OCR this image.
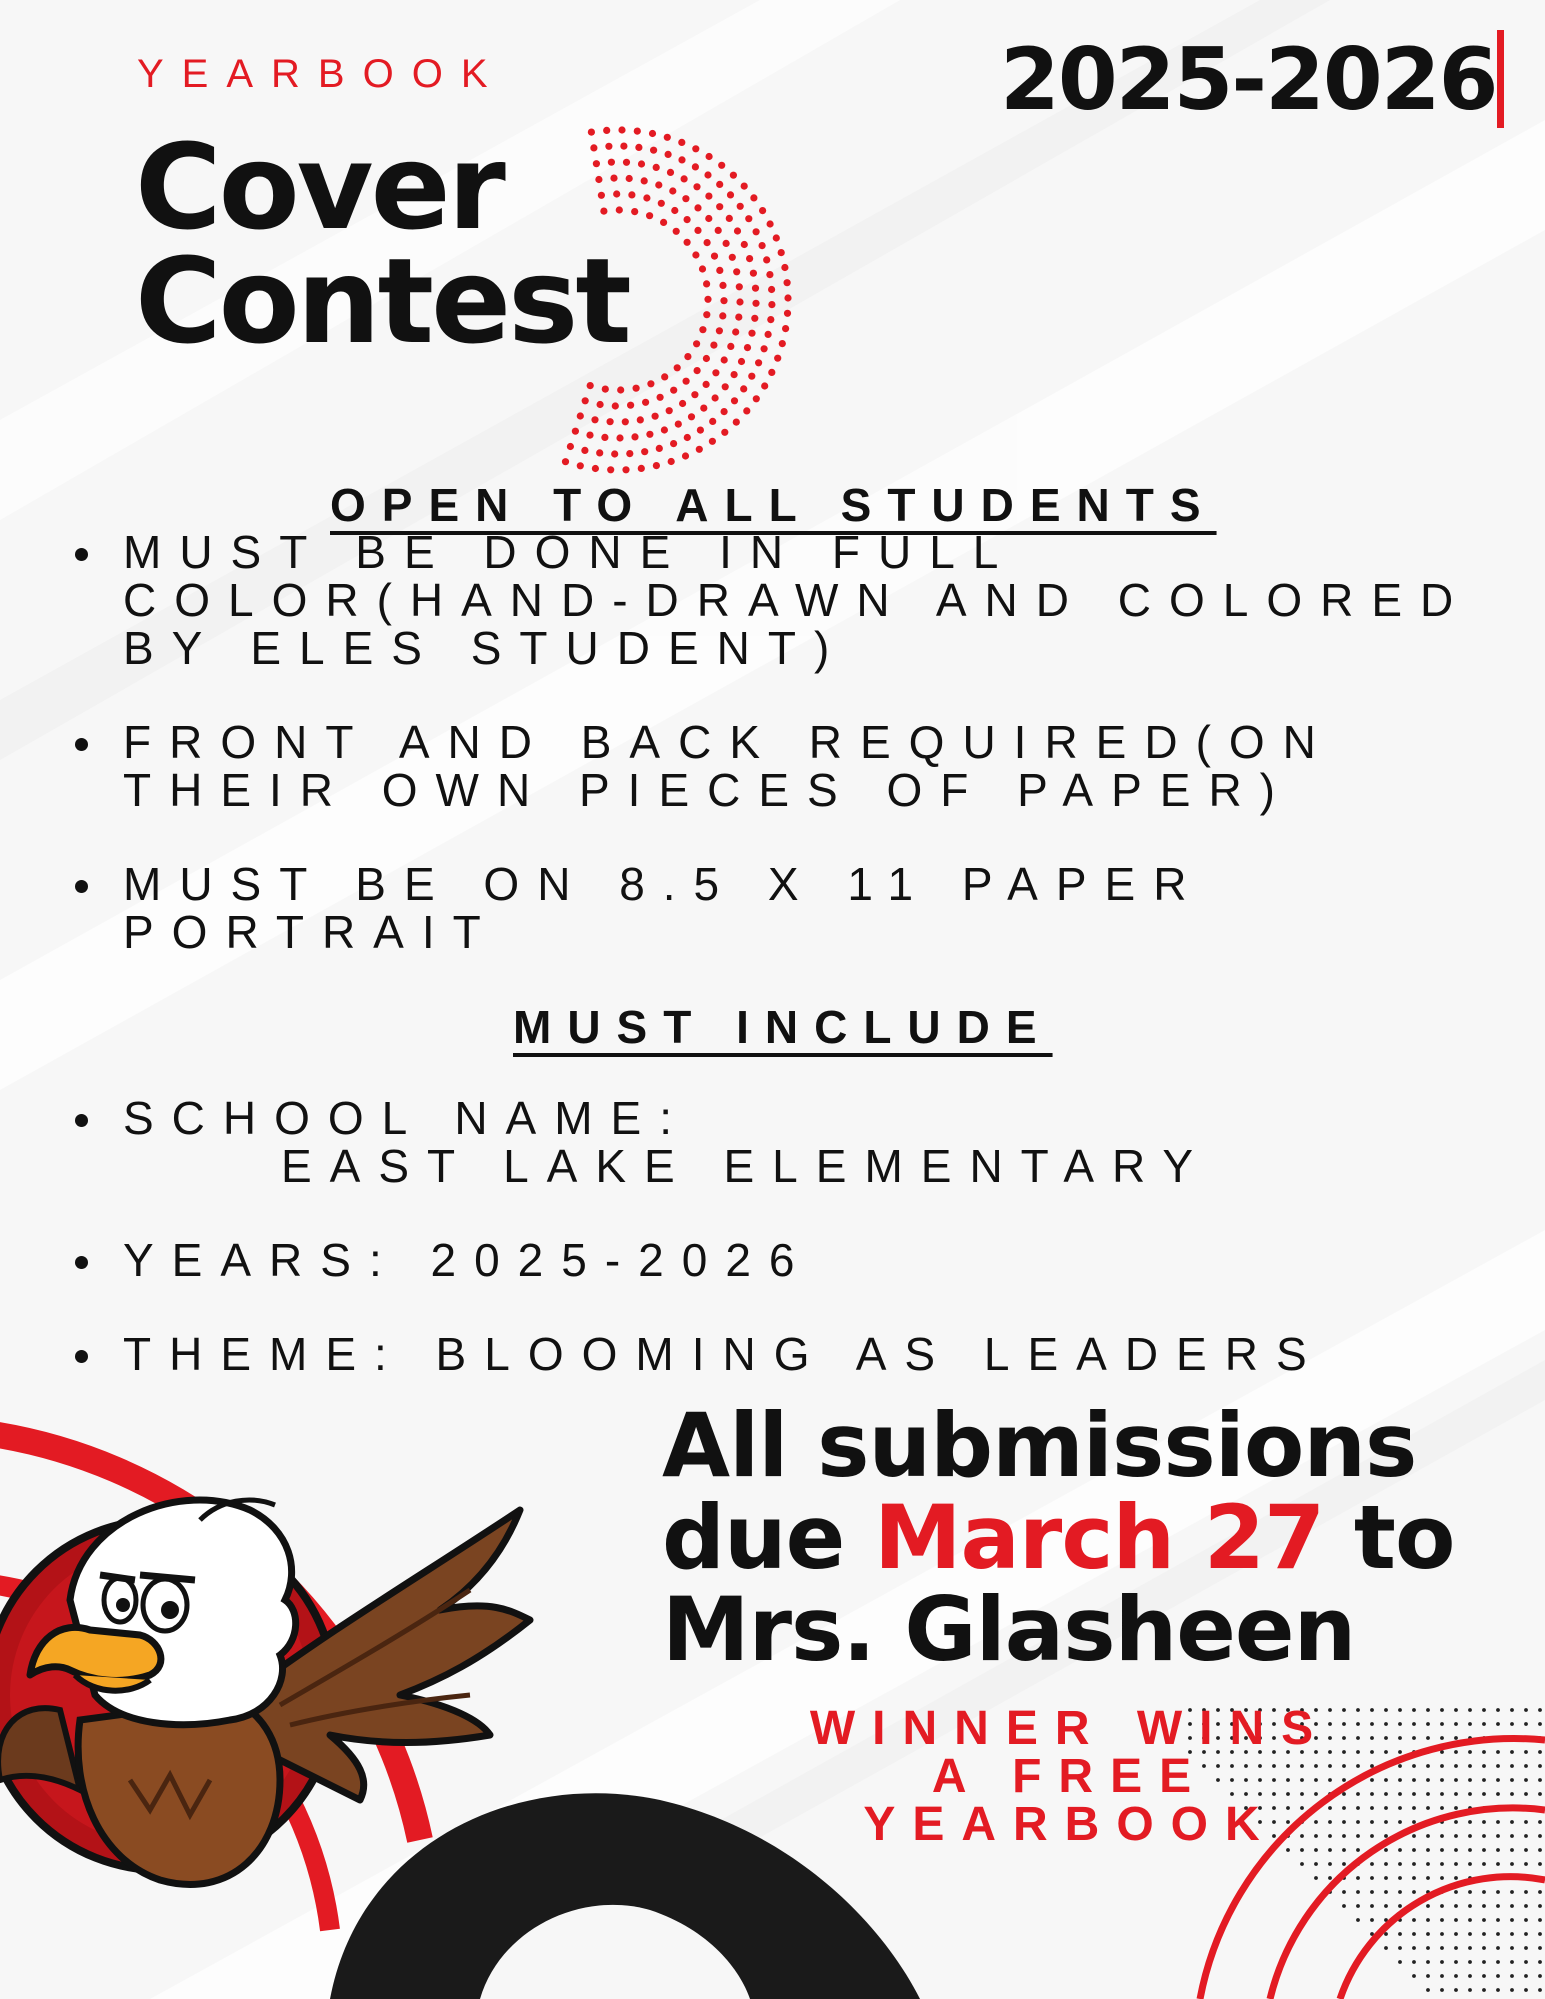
YEARBOOK	2025-2026
Cover
Contest
OPEN TO ALL STUDENTS
MUST BE DONE IN FULL COLOR(HAND-DRAWN AND COLORED BY ELES STUDENT)
FRONT AND BACK REQUIRED(ON THEIR OWN PIECES OF PAPER)
MUST BE ON 8.5 X 11 PAPER PORTRAIT
MUST INCLUDE
SCHOOL NAME:
EAST LAKE ELEMENTARY
YEARS: 2025-2026
THEME: BLOOMING AS LEADERS
All submissions
due March 27 to
Mrs. Glasheen
WINNER WINS
A FREE
YEARBOOK
